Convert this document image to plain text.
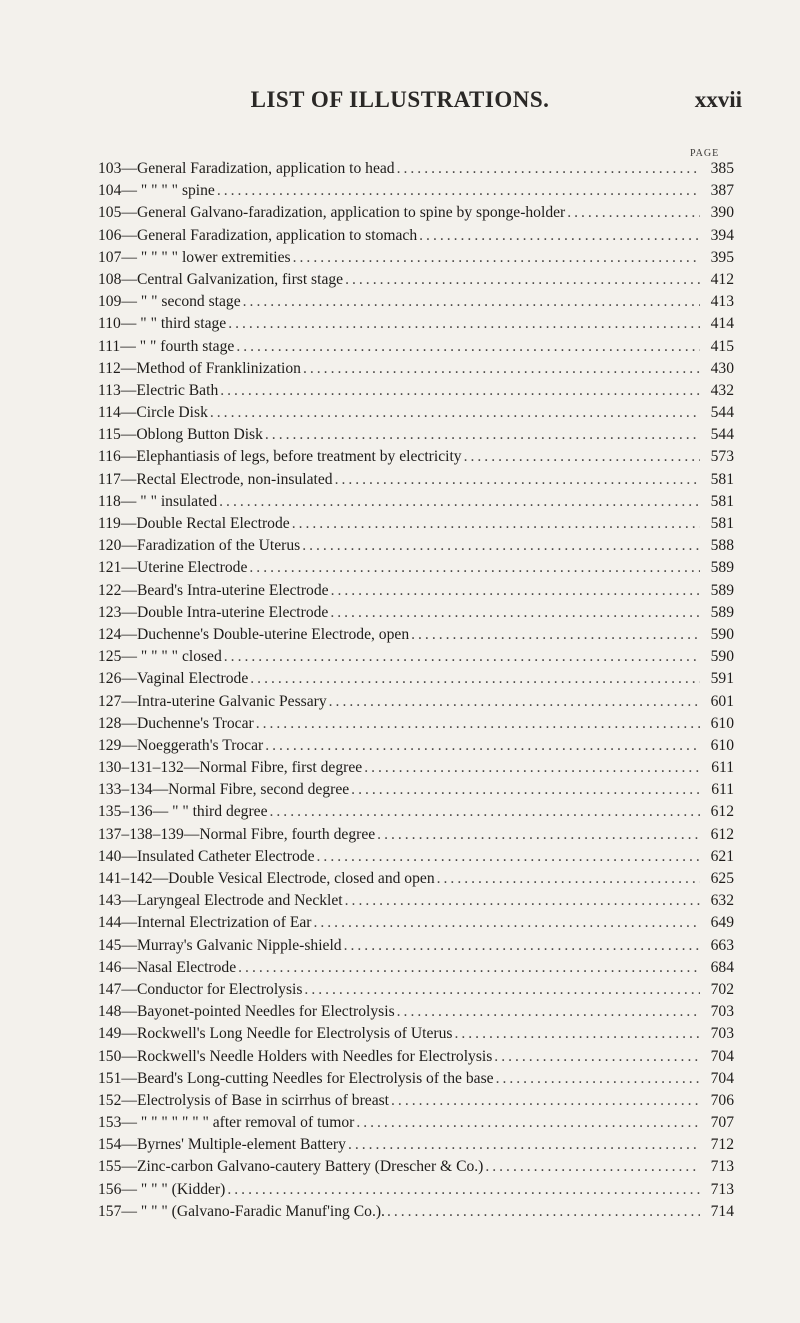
LIST OF ILLUSTRATIONS.	xxvii
PAGE
103—General Faradization, application to head .....	385
104— " " " " spine .....	387
105—General Galvano-faradization, application to spine by sponge-holder .....	390
106—General Faradization, application to stomach .....	394
107— " " " " lower extremities .....	395
108—Central Galvanization, first stage .....	412
109— " " second stage .....	413
110— " " third stage .....	414
111— " " fourth stage .....	415
112—Method of Franklinization .....	430
113—Electric Bath .....	432
114—Circle Disk .....	544
115—Oblong Button Disk .....	544
116—Elephantiasis of legs, before treatment by electricity .....	573
117—Rectal Electrode, non-insulated .....	581
118— " " insulated .....	581
119—Double Rectal Electrode .....	581
120—Faradization of the Uterus .....	588
121—Uterine Electrode .....	589
122—Beard's Intra-uterine Electrode .....	589
123—Double Intra-uterine Electrode .....	589
124—Duchenne's Double-uterine Electrode, open .....	590
125— " " " " closed .....	590
126—Vaginal Electrode .....	591
127—Intra-uterine Galvanic Pessary .....	601
128—Duchenne's Trocar .....	610
129—Noeggerath's Trocar .....	610
130–131–132—Normal Fibre, first degree .....	611
133–134—Normal Fibre, second degree .....	611
135–136— " " third degree .....	612
137–138–139—Normal Fibre, fourth degree .....	612
140—Insulated Catheter Electrode .....	621
141–142—Double Vesical Electrode, closed and open .....	625
143—Laryngeal Electrode and Necklet .....	632
144—Internal Electrization of Ear .....	649
145—Murray's Galvanic Nipple-shield .....	663
146—Nasal Electrode .....	684
147—Conductor for Electrolysis .....	702
148—Bayonet-pointed Needles for Electrolysis .....	703
149—Rockwell's Long Needle for Electrolysis of Uterus .....	703
150—Rockwell's Needle Holders with Needles for Electrolysis .....	704
151—Beard's Long-cutting Needles for Electrolysis of the base .....	704
152—Electrolysis of Base in scirrhus of breast .....	706
153— " " " " " " " after removal of tumor .....	707
154—Byrnes' Multiple-element Battery .....	712
155—Zinc-carbon Galvano-cautery Battery (Drescher & Co.) .....	713
156— " " " (Kidder) .....	713
157— " " " (Galvano-Faradic Manuf'ing Co.). .....	714
